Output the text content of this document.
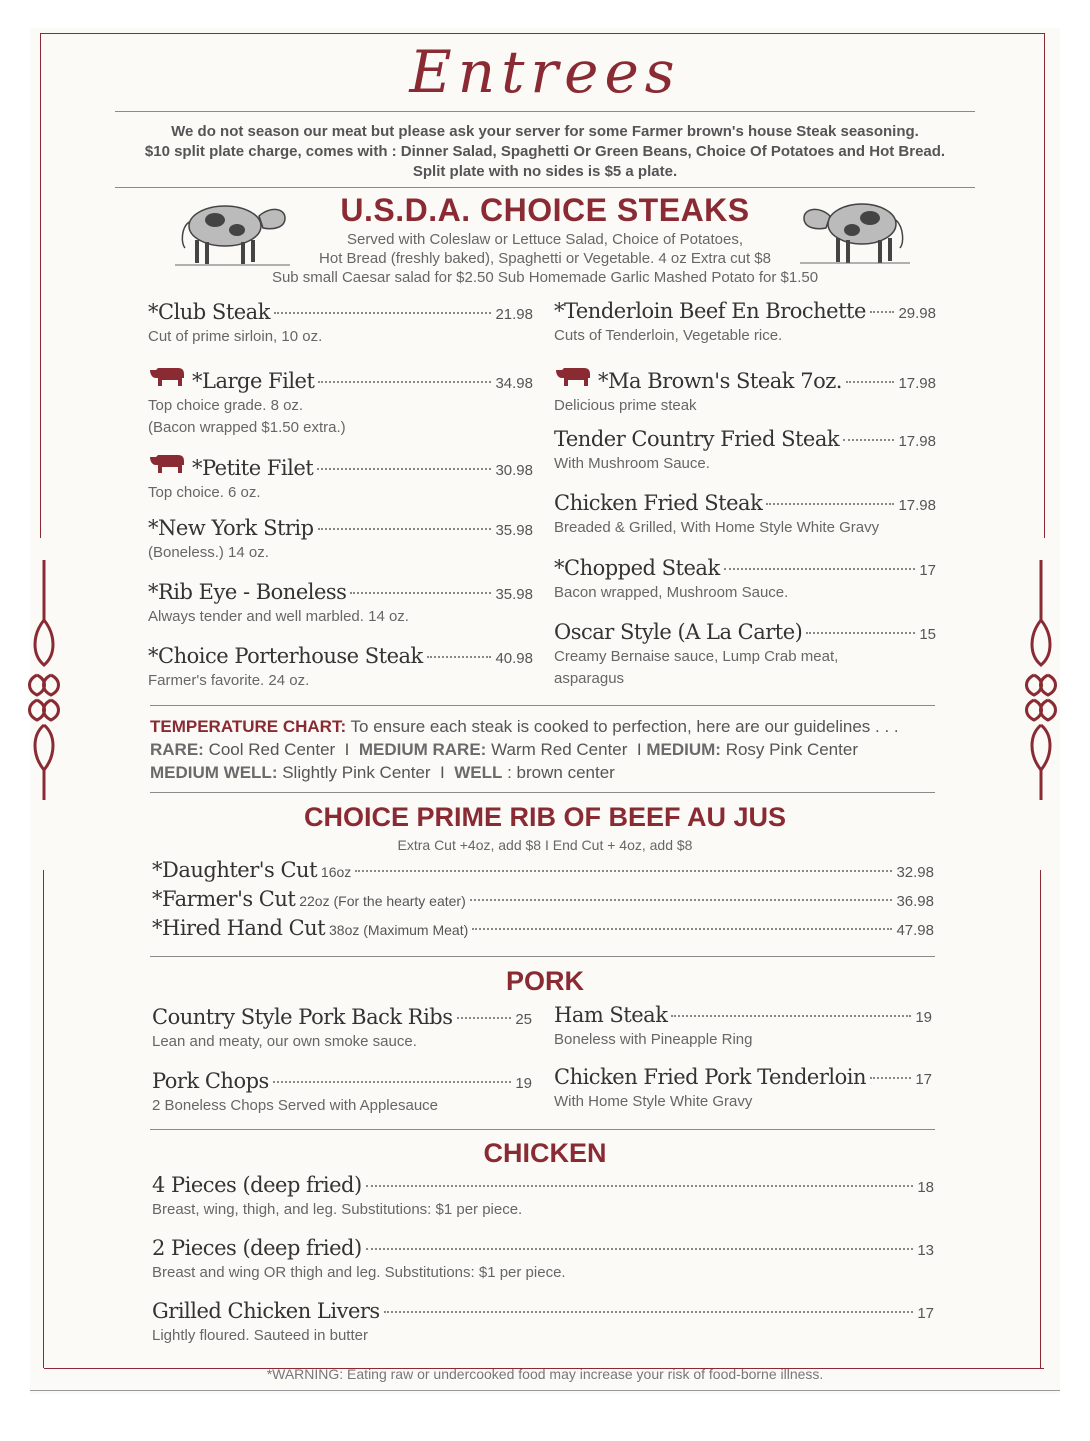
Entrees
We do not season our meat but please ask your server for some Farmer brown's house Steak seasoning.
$10 split plate charge, comes with : Dinner Salad, Spaghetti Or Green Beans, Choice Of Potatoes and Hot Bread.
Split plate with no sides is $5 a plate.
U.S.D.A. CHOICE STEAKS
Served with Coleslaw or Lettuce Salad, Choice of Potatoes,
Hot Bread (freshly baked), Spaghetti or Vegetable. 4 oz Extra cut $8
Sub small Caesar salad for $2.50 Sub Homemade Garlic Mashed Potato for $1.50
*Club Steak	21.98
Cut of prime sirloin, 10 oz.
*Large Filet	34.98
Top choice grade. 8 oz.
(Bacon wrapped $1.50 extra.)
*Petite Filet	30.98
Top choice. 6 oz.
*New York Strip	35.98
(Boneless.) 14 oz.
*Rib Eye - Boneless	35.98
Always tender and well marbled. 14 oz.
*Choice Porterhouse Steak	40.98
Farmer's favorite. 24 oz.
*Tenderloin Beef En Brochette 29.98
Cuts of Tenderloin, Vegetable rice.
*Ma Brown's Steak 7oz.	17.98
Delicious prime steak
Tender Country Fried Steak	17.98
With Mushroom Sauce.
Chicken Fried Steak	17.98
Breaded & Grilled, With Home Style White Gravy
*Chopped Steak	17
Bacon wrapped, Mushroom Sauce.
Oscar Style (A La Carte)	15
Creamy Bernaise sauce, Lump Crab meat,
asparagus
TEMPERATURE CHART: To ensure each steak is cooked to perfection, here are our guidelines . . .
RARE: Cool Red Center I MEDIUM RARE: Warm Red Center I MEDIUM: Rosy Pink Center
MEDIUM WELL: Slightly Pink Center I WELL : brown center
CHOICE PRIME RIB OF BEEF AU JUS
Extra Cut +4oz, add $8 I End Cut + 4oz, add $8
*Daughter's Cut 16oz	32.98
*Farmer's Cut 22oz (For the hearty eater)	36.98
*Hired Hand Cut 38oz (Maximum Meat)	47.98
PORK
Country Style Pork Back Ribs	25
Lean and meaty, our own smoke sauce.
Pork Chops	19
2 Boneless Chops Served with Applesauce
Ham Steak	19
Boneless with Pineapple Ring
Chicken Fried Pork Tenderloin	17
With Home Style White Gravy
CHICKEN
4 Pieces (deep fried)	18
Breast, wing, thigh, and leg. Substitutions: $1 per piece.
2 Pieces (deep fried)	13
Breast and wing OR thigh and leg. Substitutions: $1 per piece.
Grilled Chicken Livers	17
Lightly floured. Sauteed in butter
*WARNING: Eating raw or undercooked food may increase your risk of food-borne illness.
